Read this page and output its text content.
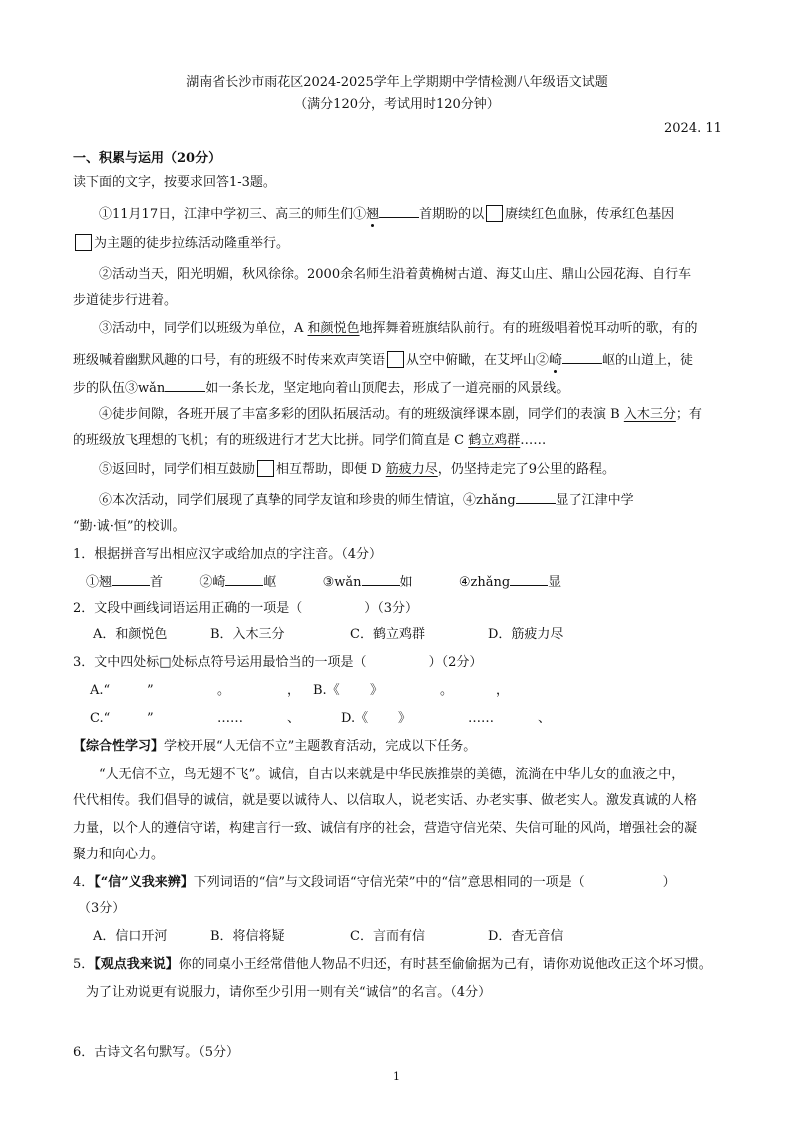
湖南省长沙市雨花区2024-2025学年上学期期中学情检测八年级语文试题
（满分120分，考试用时120分钟）
2024. 11
一、积累与运用（20分）
读下面的文字，按要求回答1-3题。
①11月17日，江津中学初三、高三的师生们①翘	首期盼的以 赓续红色血脉，传承红色基因
为主题的徒步拉练活动隆重举行。
②活动当天，阳光明媚，秋风徐徐。2000余名师生沿着黄桷树古道、海艾山庄、鼎山公园花海、自行车
步道徒步行进着。
③活动中，同学们以班级为单位，A 和颜悦色地挥舞着班旗结队前行。有的班级唱着悦耳动听的歌，有的
班级喊着幽默风趣的口号，有的班级不时传来欢声笑语 从空中俯瞰，在艾坪山②崎	岖的山道上，徒
步的队伍③wǎn	如一条长龙，坚定地向着山顶爬去，形成了一道亮丽的风景线。
④徒步间隙，各班开展了丰富多彩的团队拓展活动。有的班级演绎课本剧，同学们的表演 B 入木三分；有
的班级放飞理想的飞机；有的班级进行才艺大比拼。同学们简直是 C 鹤立鸡群……
⑤返回时，同学们相互鼓励 相互帮助，即便 D 筋疲力尽，仍坚持走完了9公里的路程。
⑥本次活动，同学们展现了真挚的同学友谊和珍贵的师生情谊，④zhǎng	显了江津中学
“勤·诚·恒”的校训。
1．根据拼音写出相应汉字或给加点的字注音。（4分）
①翘	首	②崎	岖	③wǎn	如	④zhǎng	显
2．文段中画线词语运用正确的一项是（	）（3分）
A．和颜悦色	B．入木三分	C．鹤立鸡群	D．筋疲力尽
3．文中四处标□处标点符号运用最恰当的一项是（	）（2分）
A.“	”	。	， B.《 》	。	，
C.“	”	……	、	D.《 》	……	、
【综合性学习】学校开展“人无信不立”主题教育活动，完成以下任务。
“人无信不立，鸟无翅不飞”。诚信，自古以来就是中华民族推崇的美德，流淌在中华儿女的血液之中，
代代相传。我们倡导的诚信，就是要以诚待人、以信取人，说老实话、办老实事、做老实人。激发真诚的人格
力量，以个人的遵信守诺，构建言行一致、诚信有序的社会，营造守信光荣、失信可耻的风尚，增强社会的凝
聚力和向心力。
4．【“信”义我来辨】下列词语的“信”与文段词语“守信光荣”中的“信”意思相同的一项是（	）
（3分）
A．信口开河	B．将信将疑	C．言而有信	D．杳无音信
5．【观点我来说】你的同桌小王经常借他人物品不归还，有时甚至偷偷据为己有，请你劝说他改正这个坏习惯。
为了让劝说更有说服力，请你至少引用一则有关“诚信”的名言。（4分）
6．古诗文名句默写。（5分）
1
